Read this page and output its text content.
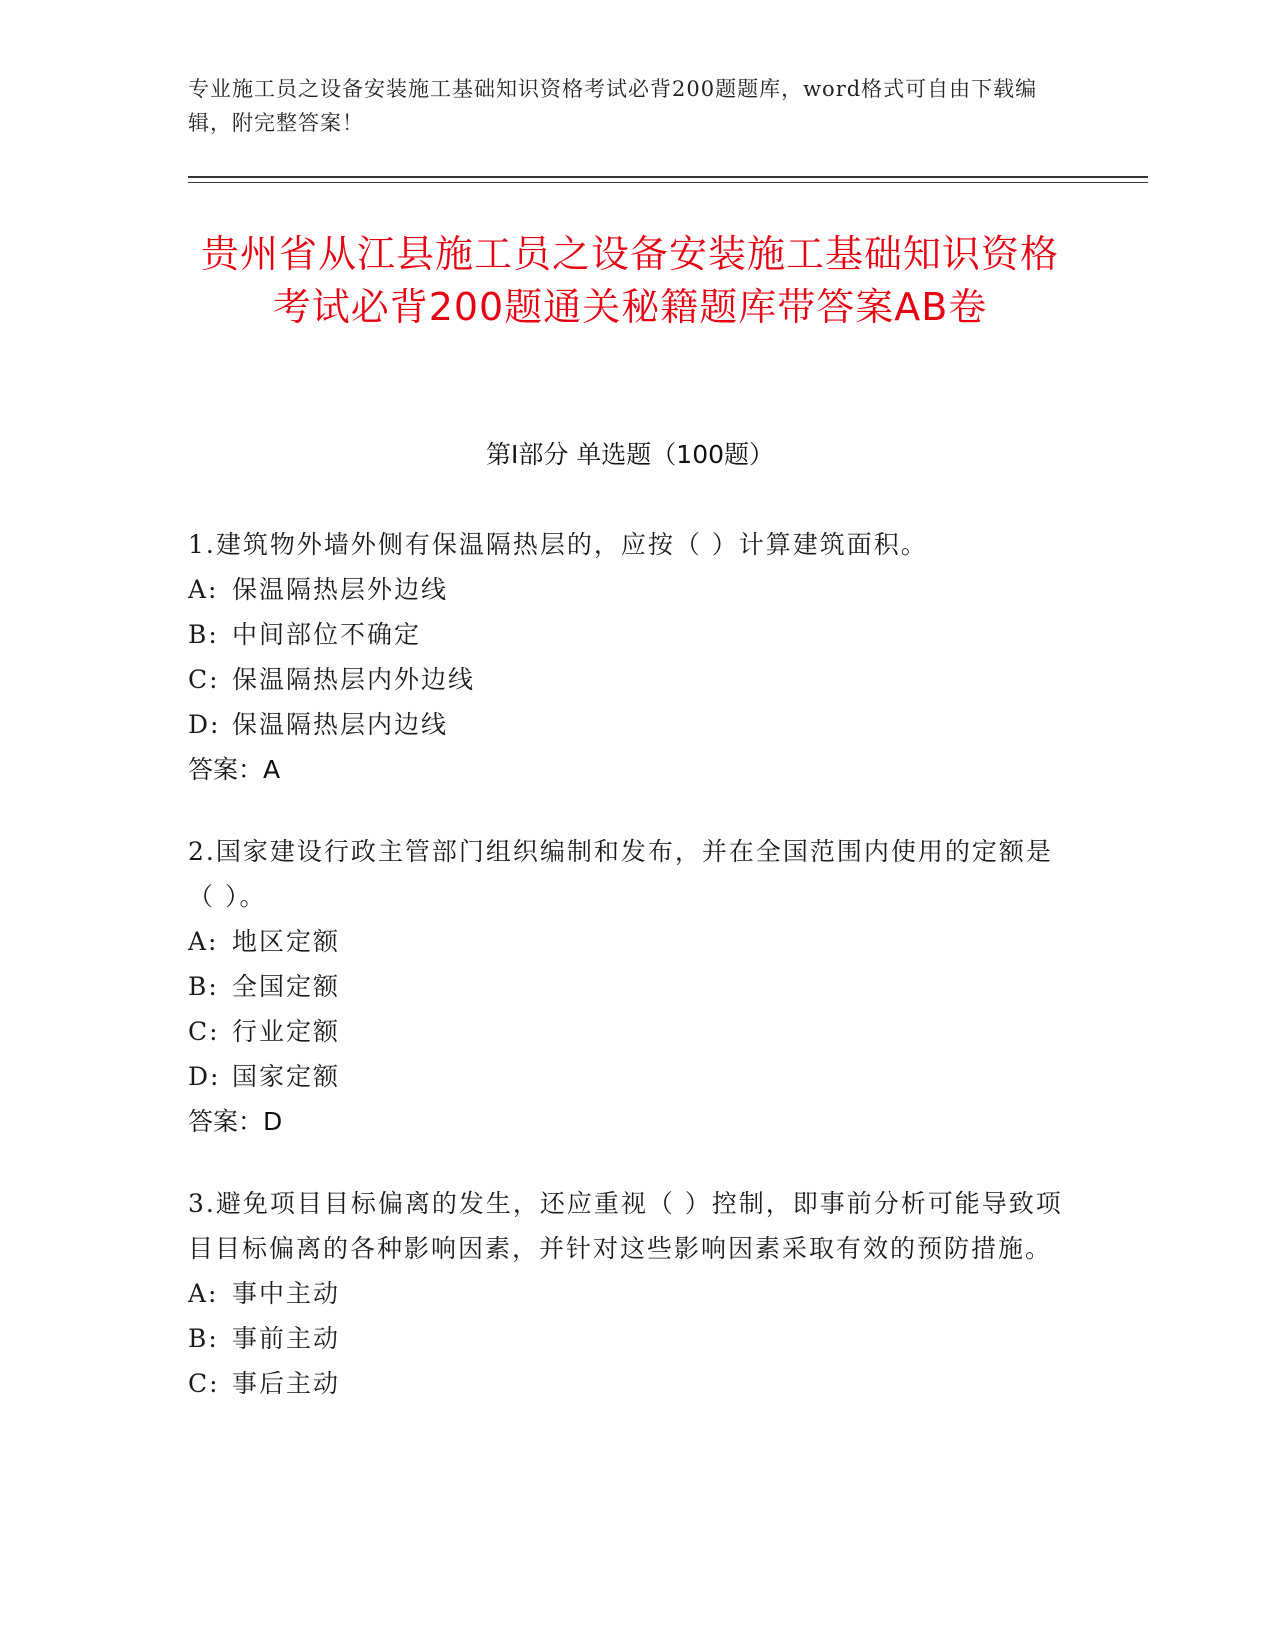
专业施工员之设备安装施工基础知识资格考试必背200题题库，word格式可自由下载编辑，附完整答案！
贵州省从江县施工员之设备安装施工基础知识资格考试必背200题通关秘籍题库带答案AB卷
第I部分 单选题（100题）
1.建筑物外墙外侧有保温隔热层的，应按（ ）计算建筑面积。
A: 保温隔热层外边线
B: 中间部位不确定
C: 保温隔热层内外边线
D: 保温隔热层内边线
答案：A
2.国家建设行政主管部门组织编制和发布，并在全国范围内使用的定额是（ ）。
A: 地区定额
B: 全国定额
C: 行业定额
D: 国家定额
答案：D
3.避免项目目标偏离的发生，还应重视（ ）控制，即事前分析可能导致项目目标偏离的各种影响因素，并针对这些影响因素采取有效的预防措施。
A: 事中主动
B: 事前主动
C: 事后主动
